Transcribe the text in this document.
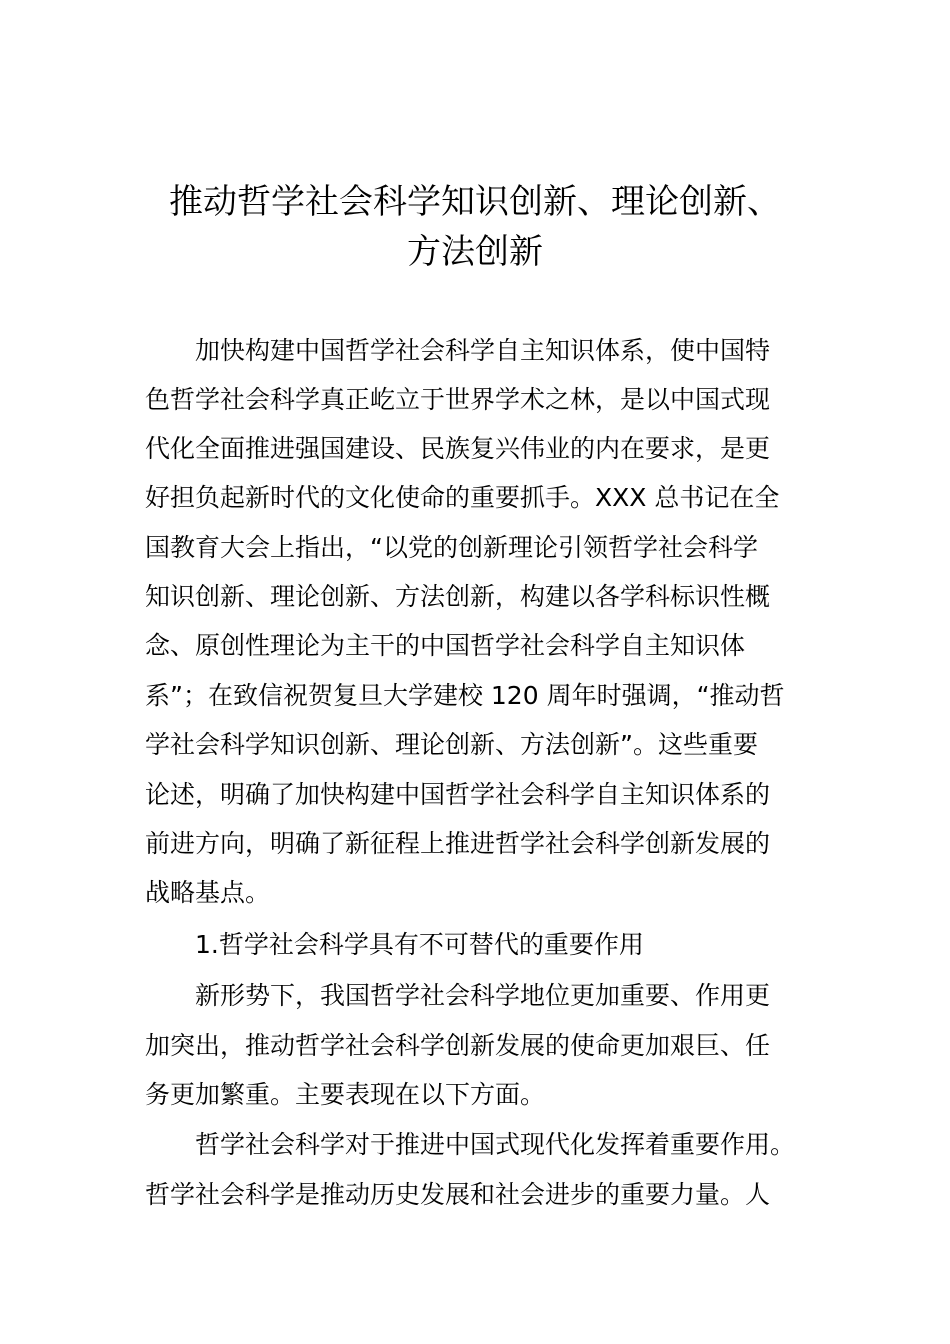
推动哲学社会科学知识创新、理论创新、
方法创新

加快构建中国哲学社会科学自主知识体系，使中国特

色哲学社会科学真正屹立于世界学术之林，是以中国式现

代化全面推进强国建设、民族复兴伟业的内在要求，是更

好担负起新时代的文化使命的重要抓手。XXX 总书记在全

国教育大会上指出，“以党的创新理论引领哲学社会科学

知识创新、理论创新、方法创新，构建以各学科标识性概

念、原创性理论为主干的中国哲学社会科学自主知识体

系”；在致信祝贺复旦大学建校 120 周年时强调，“推动哲

学社会科学知识创新、理论创新、方法创新”。这些重要

论述，明确了加快构建中国哲学社会科学自主知识体系的

前进方向，明确了新征程上推进哲学社会科学创新发展的

战略基点。

1.哲学社会科学具有不可替代的重要作用

新形势下，我国哲学社会科学地位更加重要、作用更

加突出，推动哲学社会科学创新发展的使命更加艰巨、任

务更加繁重。主要表现在以下方面。

哲学社会科学对于推进中国式现代化发挥着重要作用。

哲学社会科学是推动历史发展和社会进步的重要力量。人
